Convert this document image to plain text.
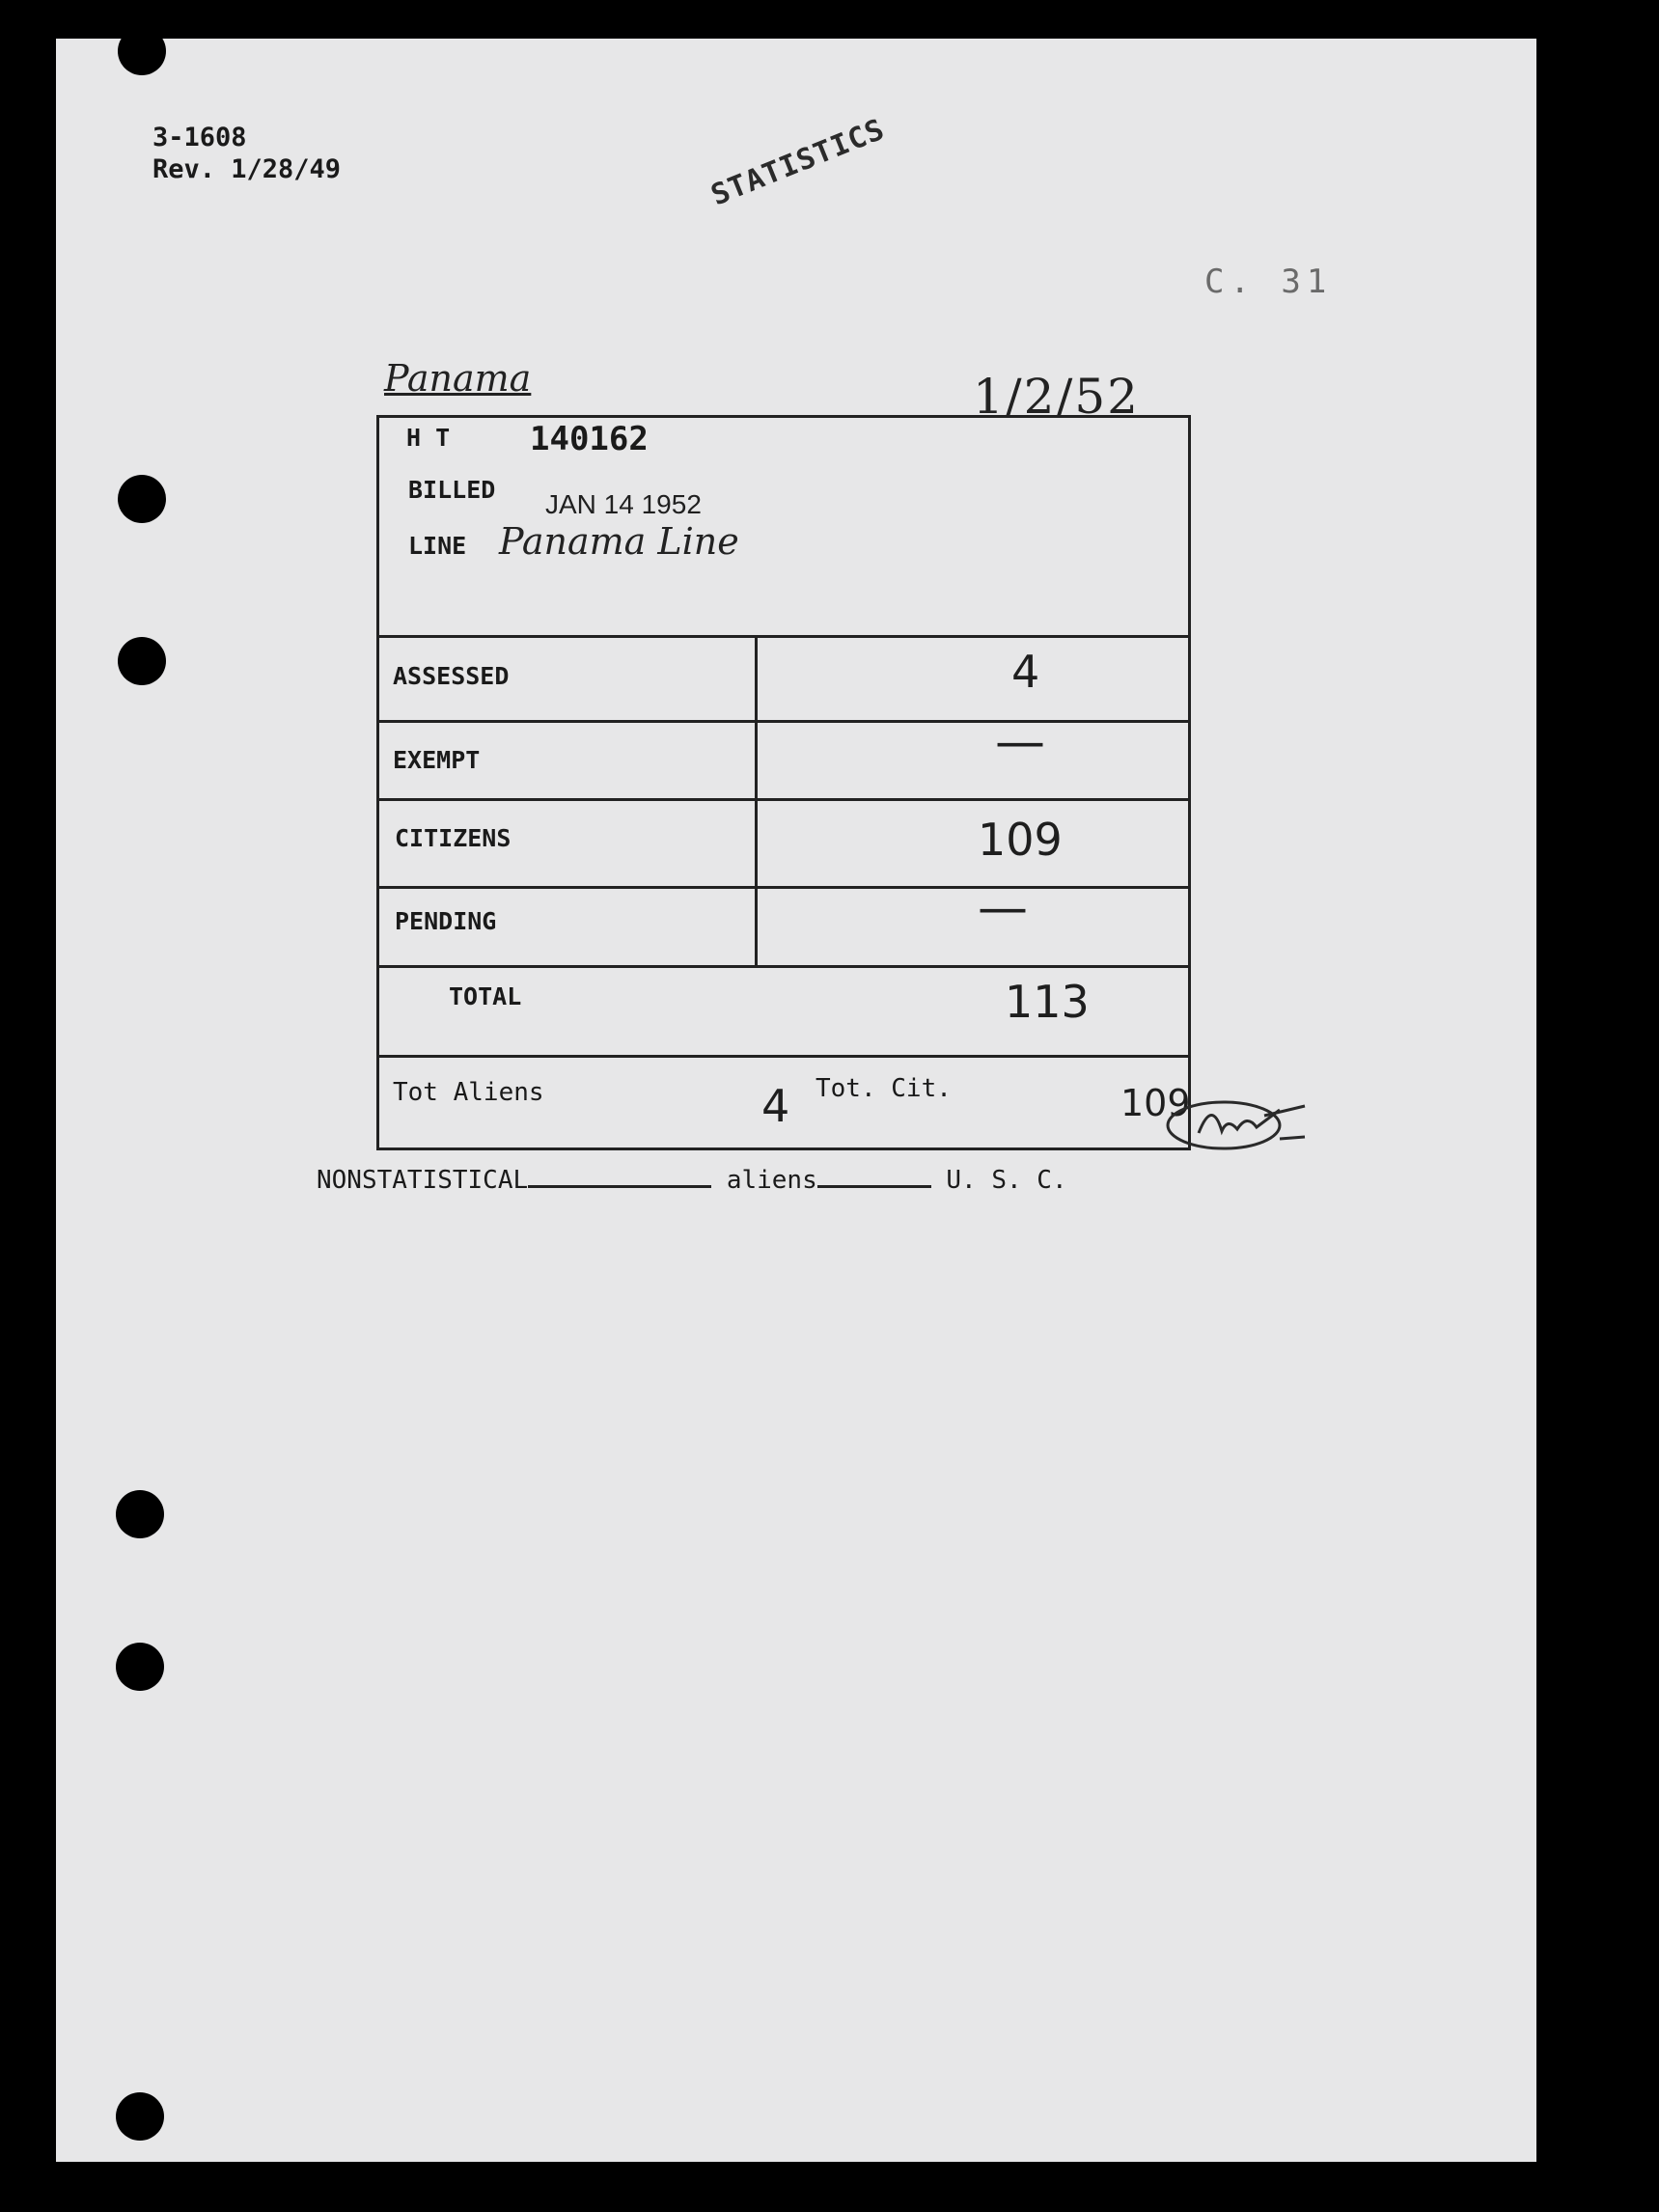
3-1608
Rev. 1/28/49	STATISTICS
C. 31
Panama	1/2/52
H T 140162
BILLED JAN 14 1952
LINE Panama Line
ASSESSED	4
EXEMPT	—
CITIZENS	109
PENDING	—
TOTAL	113
Tot Aliens	4 Tot. Cit.	109
NONSTATISTICAL	aliens	U. S. C.
